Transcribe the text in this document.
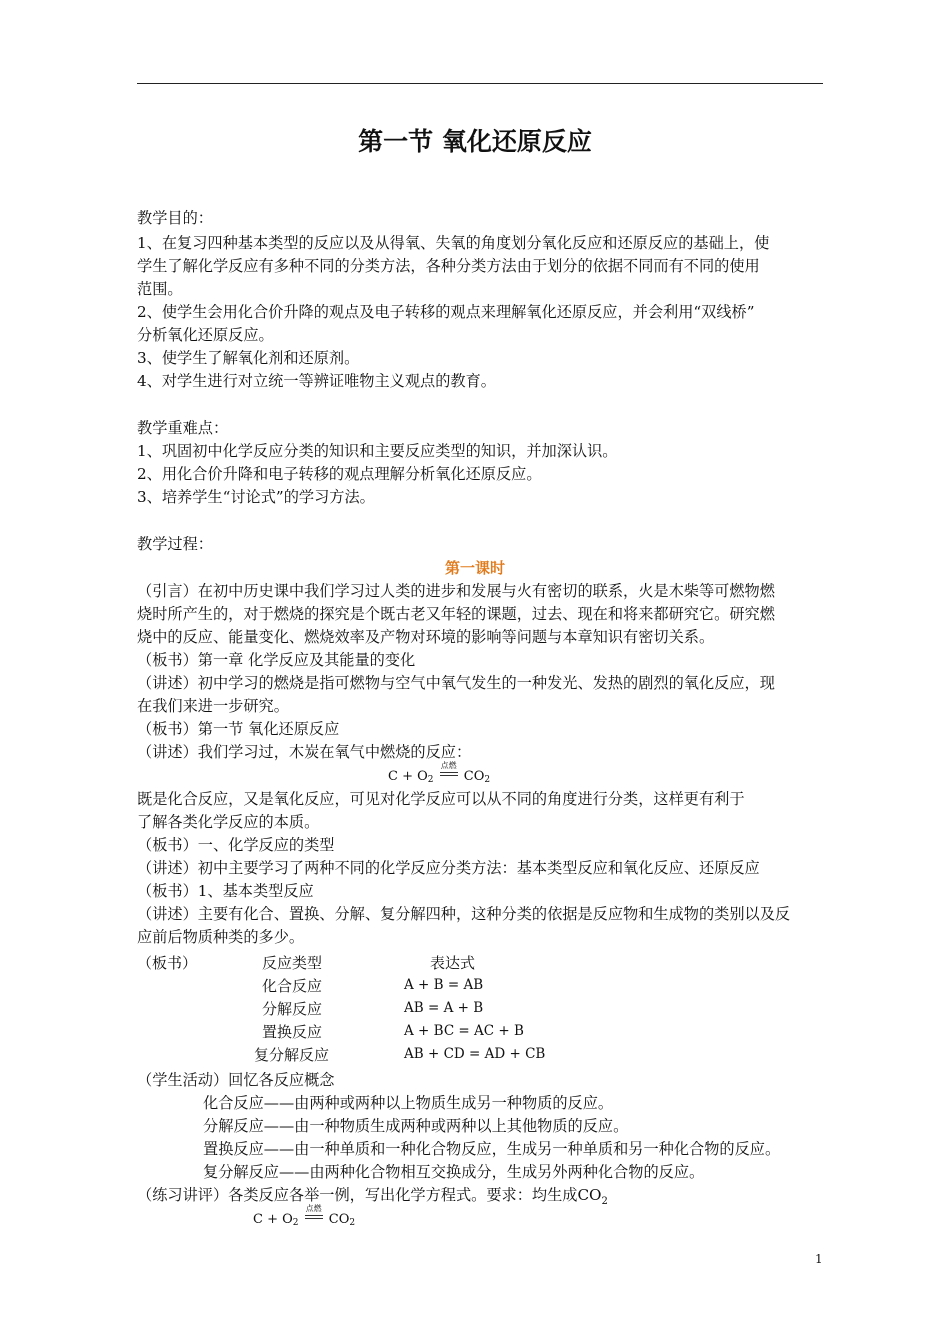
第一节 氧化还原反应
教学目的：
1、在复习四种基本类型的反应以及从得氧、失氧的角度划分氧化反应和还原反应的基础上，使
学生了解化学反应有多种不同的分类方法，各种分类方法由于划分的依据不同而有不同的使用
范围。
2、使学生会用化合价升降的观点及电子转移的观点来理解氧化还原反应，并会利用“双线桥”
分析氧化还原反应。
3、使学生了解氧化剂和还原剂。
4、对学生进行对立统一等辨证唯物主义观点的教育。
教学重难点：
1、巩固初中化学反应分类的知识和主要反应类型的知识，并加深认识。
2、用化合价升降和电子转移的观点理解分析氧化还原反应。
3、培养学生“讨论式”的学习方法。
教学过程：
第一课时
（引言）在初中历史课中我们学习过人类的进步和发展与火有密切的联系，火是木柴等可燃物燃
烧时所产生的，对于燃烧的探究是个既古老又年轻的课题，过去、现在和将来都研究它。研究燃
烧中的反应、能量变化、燃烧效率及产物对环境的影响等问题与本章知识有密切关系。
（板书）第一章 化学反应及其能量的变化
（讲述）初中学习的燃烧是指可燃物与空气中氧气发生的一种发光、发热的剧烈的氧化反应，现
在我们来进一步研究。
（板书）第一节 氧化还原反应
（讲述）我们学习过，木炭在氧气中燃烧的反应：
$C + O_2$
点燃
$CO_2$
既是化合反应，又是氧化反应，可见对化学反应可以从不同的角度进行分类，这样更有利于
了解各类化学反应的本质。
（板书）一、化学反应的类型
（讲述）初中主要学习了两种不同的化学反应分类方法：基本类型反应和氧化反应、还原反应
（板书）1、基本类型反应
（讲述）主要有化合、置换、分解、复分解四种，这种分类的依据是反应物和生成物的类别以及反
应前后物质种类的多少。
（板书）	反应类型	表达式
化合反应	A + B = AB
分解反应	AB = A + B
置换反应	A + BC = AC + B
复分解反应	AB + CD = AD + CB
（学生活动）回忆各反应概念
化合反应——由两种或两种以上物质生成另一种物质的反应。
分解反应——由一种物质生成两种或两种以上其他物质的反应。
置换反应——由一种单质和一种化合物反应，生成另一种单质和另一种化合物的反应。
复分解反应——由两种化合物相互交换成分，生成另外两种化合物的反应。
（练习讲评）各类反应各举一例，写出化学方程式。要求：均生成$CO_2$
$C + O_2$
点燃
$CO_2$
1
